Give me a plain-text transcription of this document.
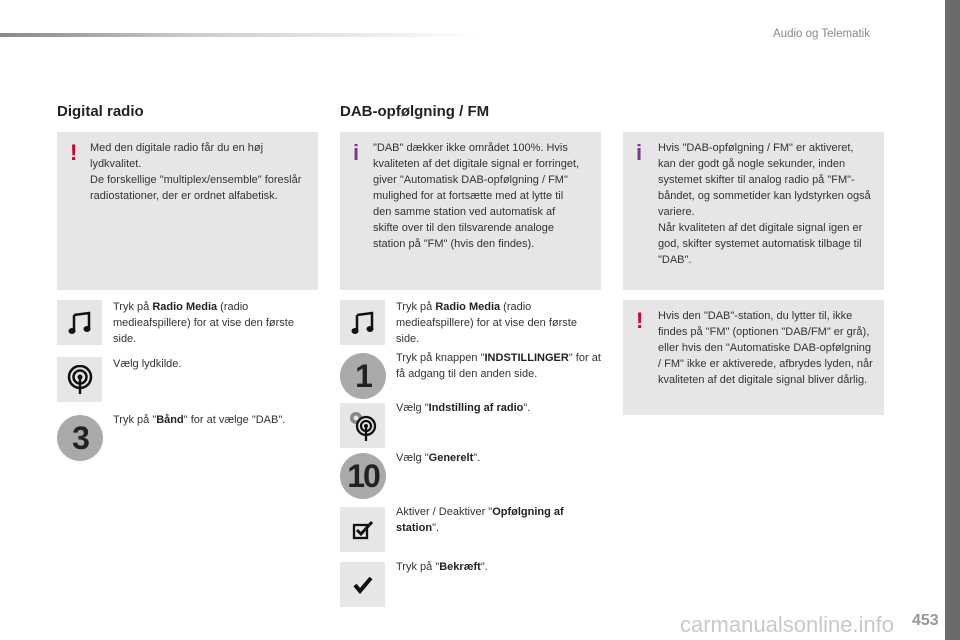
Audio og Telematik
Digital radio	DAB-opfølgning / FM
! Med den digitale radio får du en høj lydkvalitet.

De forskellige "multiplex/ensemble" foreslår radiostationer, der er ordnet alfabetisk.

i "DAB" dækker ikke området 100%. Hvis kvaliteten af det digitale signal er forringet, giver "Automatisk DAB-opfølgning / FM" mulighed for at fortsætte med at lytte til den samme station ved automatisk af skifte over til den tilsvarende analoge station på "FM" (hvis den findes).

i Hvis "DAB-opfølgning / FM" er aktiveret, kan der godt gå nogle sekunder, inden systemet skifter til analog radio på "FM"-båndet, og sommetider kan lydstyrken også variere.

Når kvaliteten af det digitale signal igen er god, skifter systemet automatisk tilbage til "DAB".

! Hvis den "DAB"-station, du lytter til, ikke findes på "FM" (optionen "DAB/FM" er grå), eller hvis den "Automatiske DAB-opfølgning / FM" ikke er aktiverede, afbrydes lyden, når kvaliteten af det digitale signal bliver dårlig.

Tryk på Radio Media (radio medieafspillere) for at vise den første side.
Vælg lydkilde.
3	Tryk på "Bånd" for at vælge "DAB".
Tryk på Radio Media (radio medieafspillere) for at vise den første side.
1	Tryk på knappen "INDSTILLINGER" for at få adgang til den anden side.
Vælg "Indstilling af radio".
10	Vælg "Generelt".
Aktiver / Deaktiver "Opfølgning af station".
Tryk på "Bekræft".
carmanualsonline.info 453
